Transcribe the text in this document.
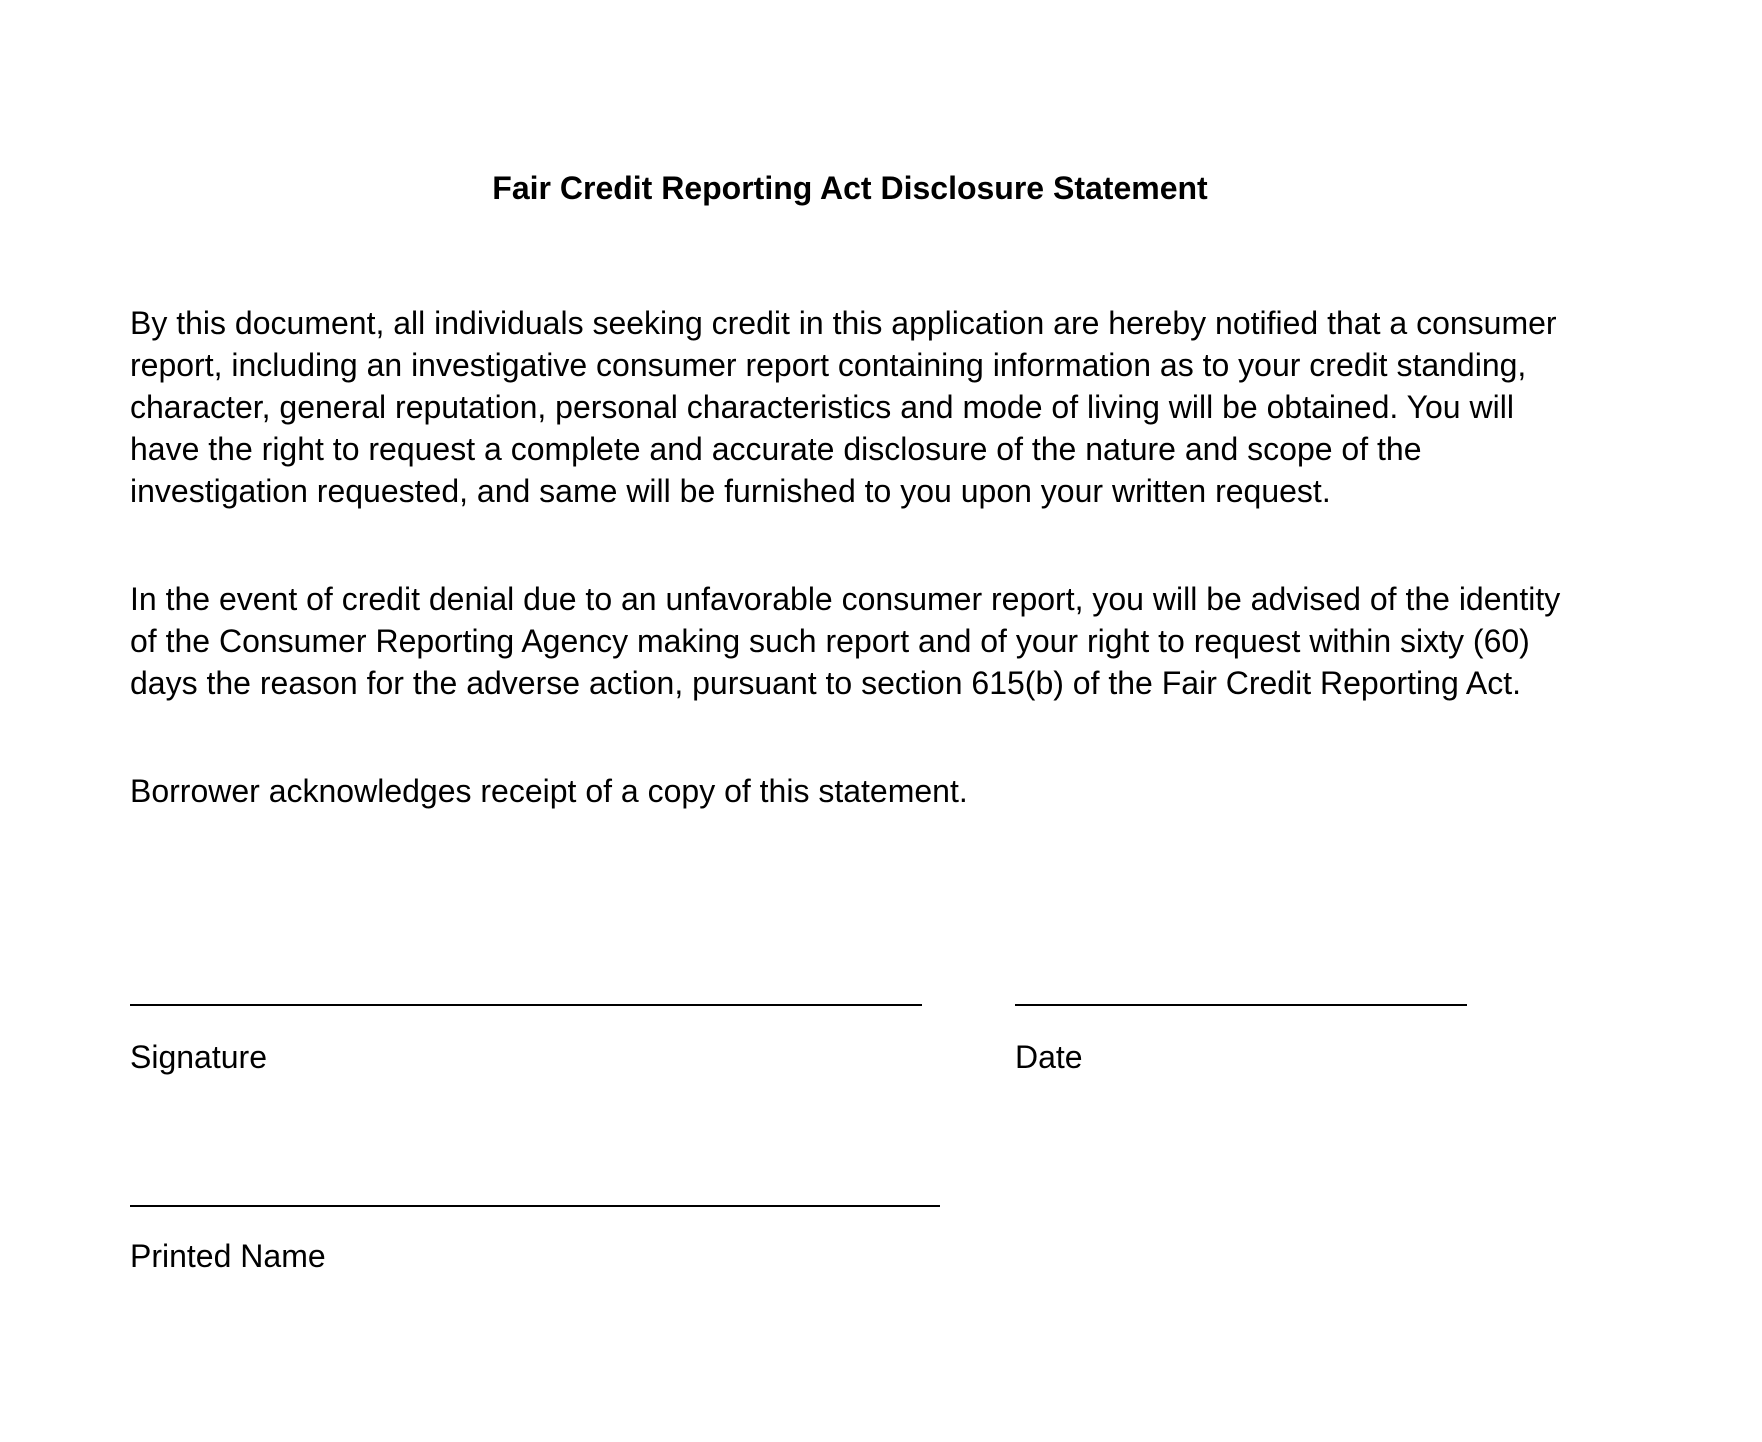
Fair Credit Reporting Act Disclosure Statement

By this document, all individuals seeking credit in this application are hereby notified that a consumer report, including an investigative consumer report containing information as to your credit standing, character, general reputation, personal characteristics and mode of living will be obtained. You will have the right to request a complete and accurate disclosure of the nature and scope of the investigation requested, and same will be furnished to you upon your written request.

In the event of credit denial due to an unfavorable consumer report, you will be advised of the identity of the Consumer Reporting Agency making such report and of your right to request within sixty (60) days the reason for the adverse action, pursuant to section 615(b) of the Fair Credit Reporting Act.

Borrower acknowledges receipt of a copy of this statement.

Signature	Date
Printed Name
